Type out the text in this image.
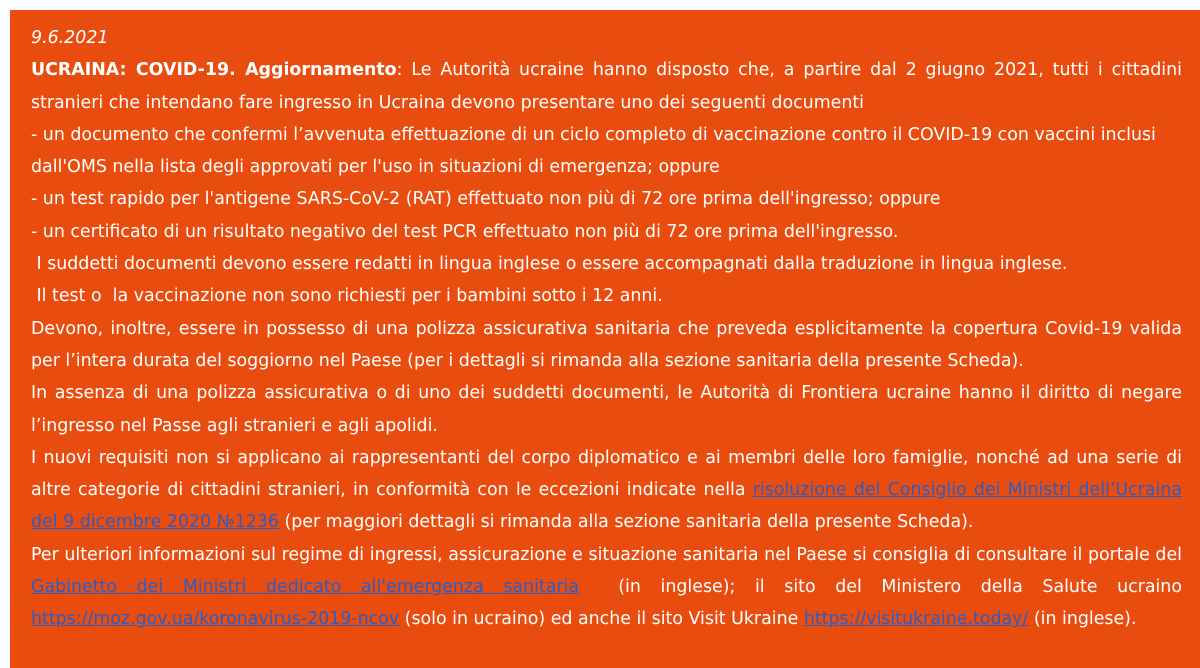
9.6.2021

UCRAINA: COVID-19. Aggiornamento: Le Autorità ucraine hanno disposto che, a partire dal 2 giugno 2021, tutti i cittadini stranieri che intendano fare ingresso in Ucraina devono presentare uno dei seguenti documenti

- un documento che confermi l’avvenuta effettuazione di un ciclo completo di vaccinazione contro il COVID-19 con vaccini inclusi dall'OMS nella lista degli approvati per l'uso in situazioni di emergenza; oppure

- un test rapido per l'antigene SARS-CoV-2 (RAT) effettuato non più di 72 ore prima dell'ingresso; oppure

- un certificato di un risultato negativo del test PCR effettuato non più di 72 ore prima dell'ingresso.

I suddetti documenti devono essere redatti in lingua inglese o essere accompagnati dalla traduzione in lingua inglese.

Il test o  la vaccinazione non sono richiesti per i bambini sotto i 12 anni.

Devono, inoltre, essere in possesso di una polizza assicurativa sanitaria che preveda esplicitamente la copertura Covid-19 valida per l’intera durata del soggiorno nel Paese (per i dettagli si rimanda alla sezione sanitaria della presente Scheda).

In assenza di una polizza assicurativa o di uno dei suddetti documenti, le Autorità di Frontiera ucraine hanno il diritto di negare l’ingresso nel Passe agli stranieri e agli apolidi.

I nuovi requisiti non si applicano ai rappresentanti del corpo diplomatico e ai membri delle loro famiglie, nonché ad una serie di altre categorie di cittadini stranieri, in conformità con le eccezioni indicate nella risoluzione del Consiglio dei Ministri dell’Ucraina del 9 dicembre 2020 №1236 (per maggiori dettagli si rimanda alla sezione sanitaria della presente Scheda).

Per ulteriori informazioni sul regime di ingressi, assicurazione e situazione sanitaria nel Paese si consiglia di consultare il portale del Gabinetto dei Ministri dedicato all'emergenza sanitaria  (in inglese); il sito del Ministero della Salute ucraino  https://moz.gov.ua/koronavirus-2019-ncov (solo in ucraino) ed anche il sito Visit Ukraine https://visitukraine.today/ (in inglese).
